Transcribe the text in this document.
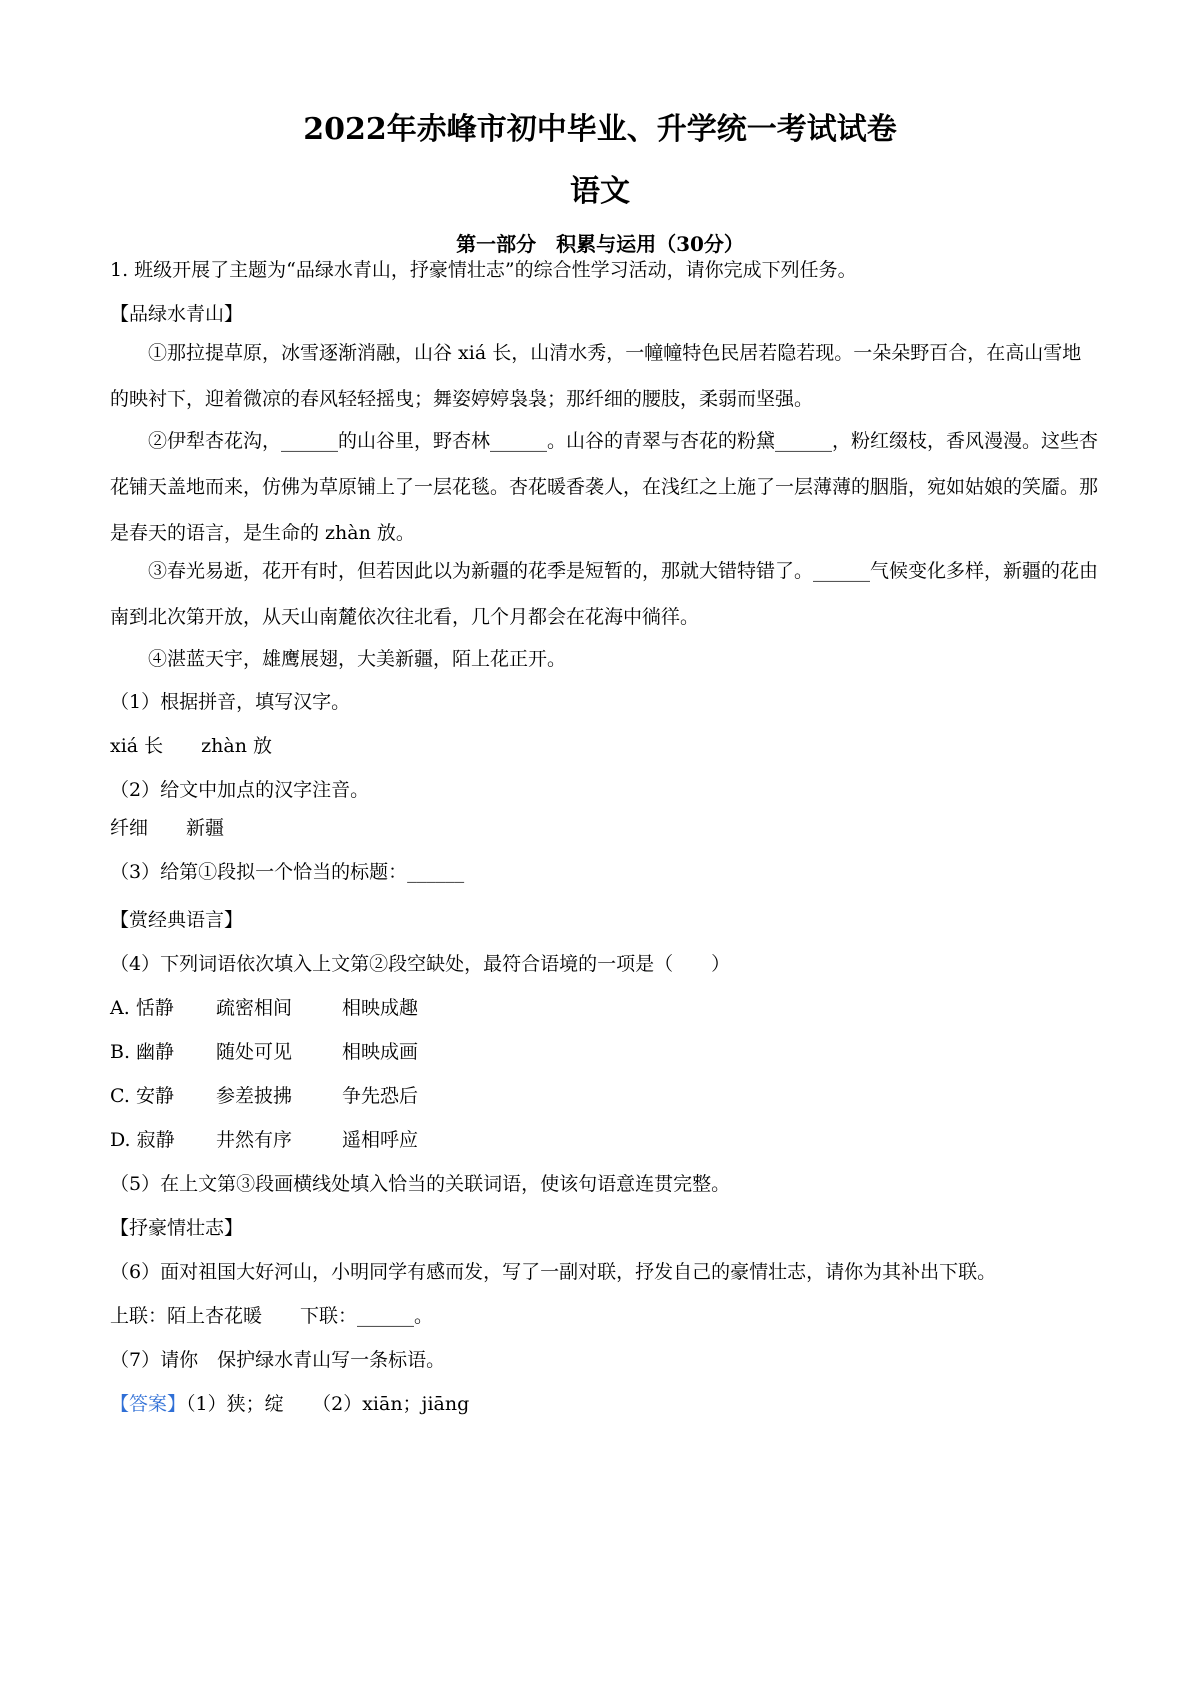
2022年赤峰市初中毕业、升学统一考试试卷
语文
第一部分　积累与运用（30分）
1. 班级开展了主题为“品绿水青山，抒豪情壮志”的综合性学习活动，请你完成下列任务。
【品绿水青山】
①那拉提草原，冰雪逐渐消融，山谷 xiá 长，山清水秀，一幢幢特色民居若隐若现。一朵朵野百合，在高山雪地的映衬下，迎着微凉的春风轻轻摇曳；舞姿婷婷袅袅；那纤细的腰肢，柔弱而坚强。
②伊犁杏花沟，______的山谷里，野杏林______。山谷的青翠与杏花的粉黛______，粉红缀枝，香风漫漫。这些杏花铺天盖地而来，仿佛为草原铺上了一层花毯。杏花暖香袭人，在浅红之上施了一层薄薄的胭脂，宛如姑娘的笑靥。那是春天的语言，是生命的 zhàn 放。
③春光易逝，花开有时，但若因此以为新疆的花季是短暂的，那就大错特错了。______气候变化多样，新疆的花由南到北次第开放，从天山南麓依次往北看，几个月都会在花海中徜徉。
④湛蓝天宇，雄鹰展翅，大美新疆，陌上花正开。
（1）根据拼音，填写汉字。
xiá 长　　zhàn 放
（2）给文中加点的汉字注音。
纤细　　新疆
（3）给第①段拟一个恰当的标题：______
【赏经典语言】
（4）下列词语依次填入上文第②段空缺处，最符合语境的一项是（　　）
A. 恬静 疏密相间	相映成趣
B. 幽静 随处可见	相映成画
C. 安静 参差披拂	争先恐后
D. 寂静 井然有序	遥相呼应
（5）在上文第③段画横线处填入恰当的关联词语，使该句语意连贯完整。
【抒豪情壮志】
（6）面对祖国大好河山，小明同学有感而发，写了一副对联，抒发自己的豪情壮志，请你为其补出下联。
上联：陌上杏花暖　　下联：______。
（7）请你　保护绿水青山写一条标语。
【答案】（1）狭；绽　　（2）xiān；jiāng
